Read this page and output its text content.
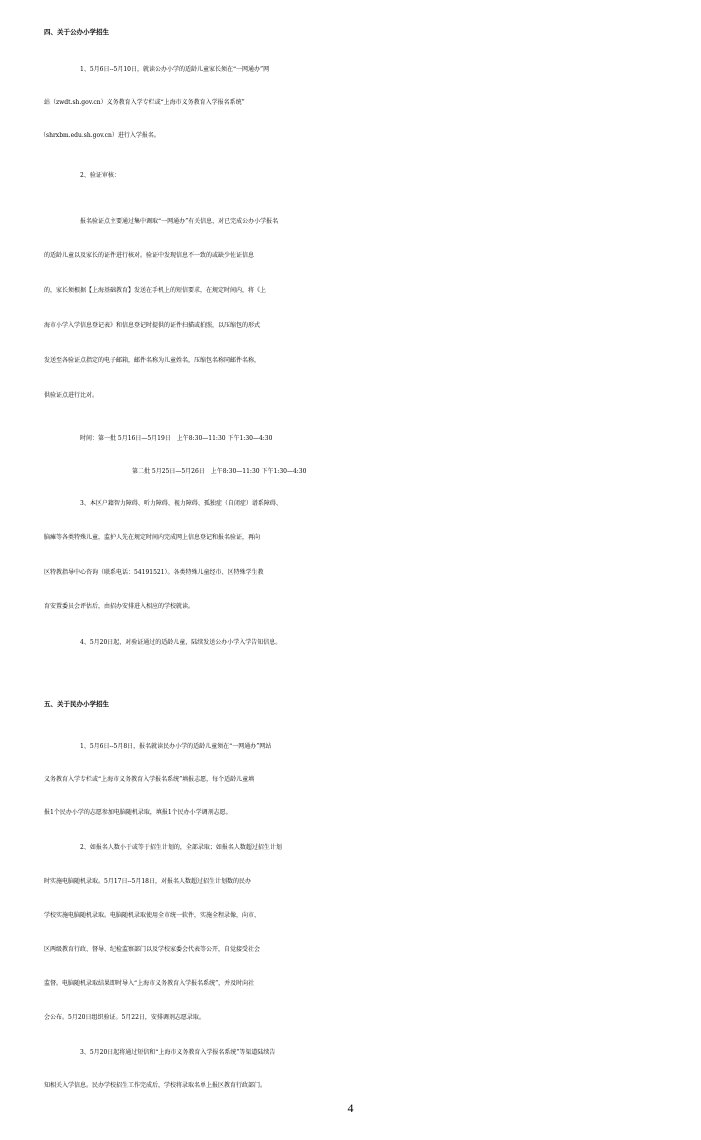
四、关于公办小学招生
1、5月6日--5月10日，就读公办小学的适龄儿童家长须在“一网通办”网
站（zwdt.sh.gov.cn）义务教育入学专栏或“上海市义务教育入学报名系统”
（shrxbm.edu.sh.gov.cn）进行入学报名。
2、验证审核：
报名验证点主要通过集中调取“一网通办”有关信息，对已完成公办小学报名
的适龄儿童以及家长的证件进行核对。验证中发现信息不一致的或缺少佐证信息
的，家长须根据【上海基础教育】发送在手机上的短信要求，在规定时间内，将《上
海市小学入学信息登记表》和信息登记时提供的证件扫描或拍照，以压缩包的形式
发送至各验证点指定的电子邮箱，邮件名称为儿童姓名，压缩包名称同邮件名称，
供验证点进行比对。
时间：第一批 5月16日—5月19日　上午8:30—11:30 下午1:30—4:30
第二批 5月25日—5月26日　上午8:30—11:30 下午1:30—4:30
3、本区户籍智力障碍、听力障碍、视力障碍、孤独症（自闭症）谱系障碍、
脑瘫等各类特殊儿童，监护人先在规定时间内完成网上信息登记和报名验证，再向
区特教指导中心咨询（联系电话：54191521）。各类特殊儿童经市、区特殊学生教
育安置委员会评估后，由招办安排进入相应的学校就读。
4、5月20日起，对验证通过的适龄儿童，陆续发送公办小学入学告知信息。
五、关于民办小学招生
1、5月6日--5月8日，报名就读民办小学的适龄儿童须在“一网通办”网站
义务教育入学专栏或“上海市义务教育入学报名系统”填报志愿，每个适龄儿童填
报1个民办小学的志愿参加电脑随机录取，填报1个民办小学调剂志愿。
2、如报名人数小于或等于招生计划的，全部录取；如报名人数超过招生计划
时实施电脑随机录取。5月17日--5月18日，对报名人数超过招生计划数的民办
学校实施电脑随机录取。电脑随机录取使用全市统一软件，实施全程录像，向市、
区两级教育行政、督导、纪检监察部门以及学校家委会代表等公开，自觉接受社会
监督。电脑随机录取结果即时导入“上海市义务教育入学报名系统”，并及时向社
会公布。5月20日组织验证。5月22日，安排调剂志愿录取。
3、5月20日起将通过短信和“上海市义务教育入学报名系统”等渠道陆续告
知相关入学信息。民办学校招生工作完成后，学校将录取名单上报区教育行政部门。
4
